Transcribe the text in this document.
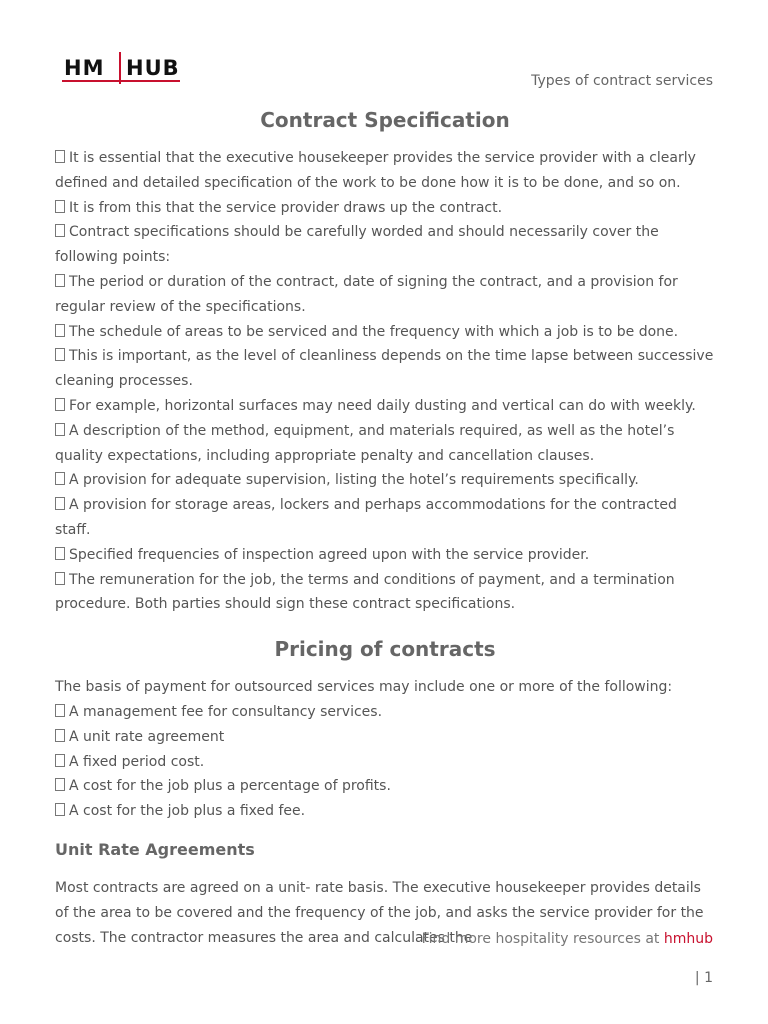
HM HUB
Types of contract services
Contract Specification

It is essential that the executive housekeeper provides the service provider with a clearly defined and detailed specification of the work to be done how it is to be done, and so on.

It is from this that the service provider draws up the contract.

Contract specifications should be carefully worded and should necessarily cover the following points:

The period or duration of the contract, date of signing the contract, and a provision for regular review of the specifications.

The schedule of areas to be serviced and the frequency with which a job is to be done.

This is important, as the level of cleanliness depends on the time lapse between successive cleaning processes.

For example, horizontal surfaces may need daily dusting and vertical can do with weekly.

A description of the method, equipment, and materials required, as well as the hotel’s quality expectations, including appropriate penalty and cancellation clauses.

A provision for adequate supervision, listing the hotel’s requirements specifically.

A provision for storage areas, lockers and perhaps accommodations for the contracted staff.

Specified frequencies of inspection agreed upon with the service provider.

The remuneration for the job, the terms and conditions of payment, and a termination procedure. Both parties should sign these contract specifications.

Pricing of contracts

The basis of payment for outsourced services may include one or more of the following:

A management fee for consultancy services.

A unit rate agreement

A fixed period cost.

A cost for the job plus a percentage of profits.

A cost for the job plus a fixed fee.

Unit Rate Agreements

Most contracts are agreed on a unit- rate basis. The executive housekeeper provides details of the area to be covered and the frequency of the job, and asks the service provider for the costs. The contractor measures the area and calculates the

Find more hospitality resources at hmhub
| 1
